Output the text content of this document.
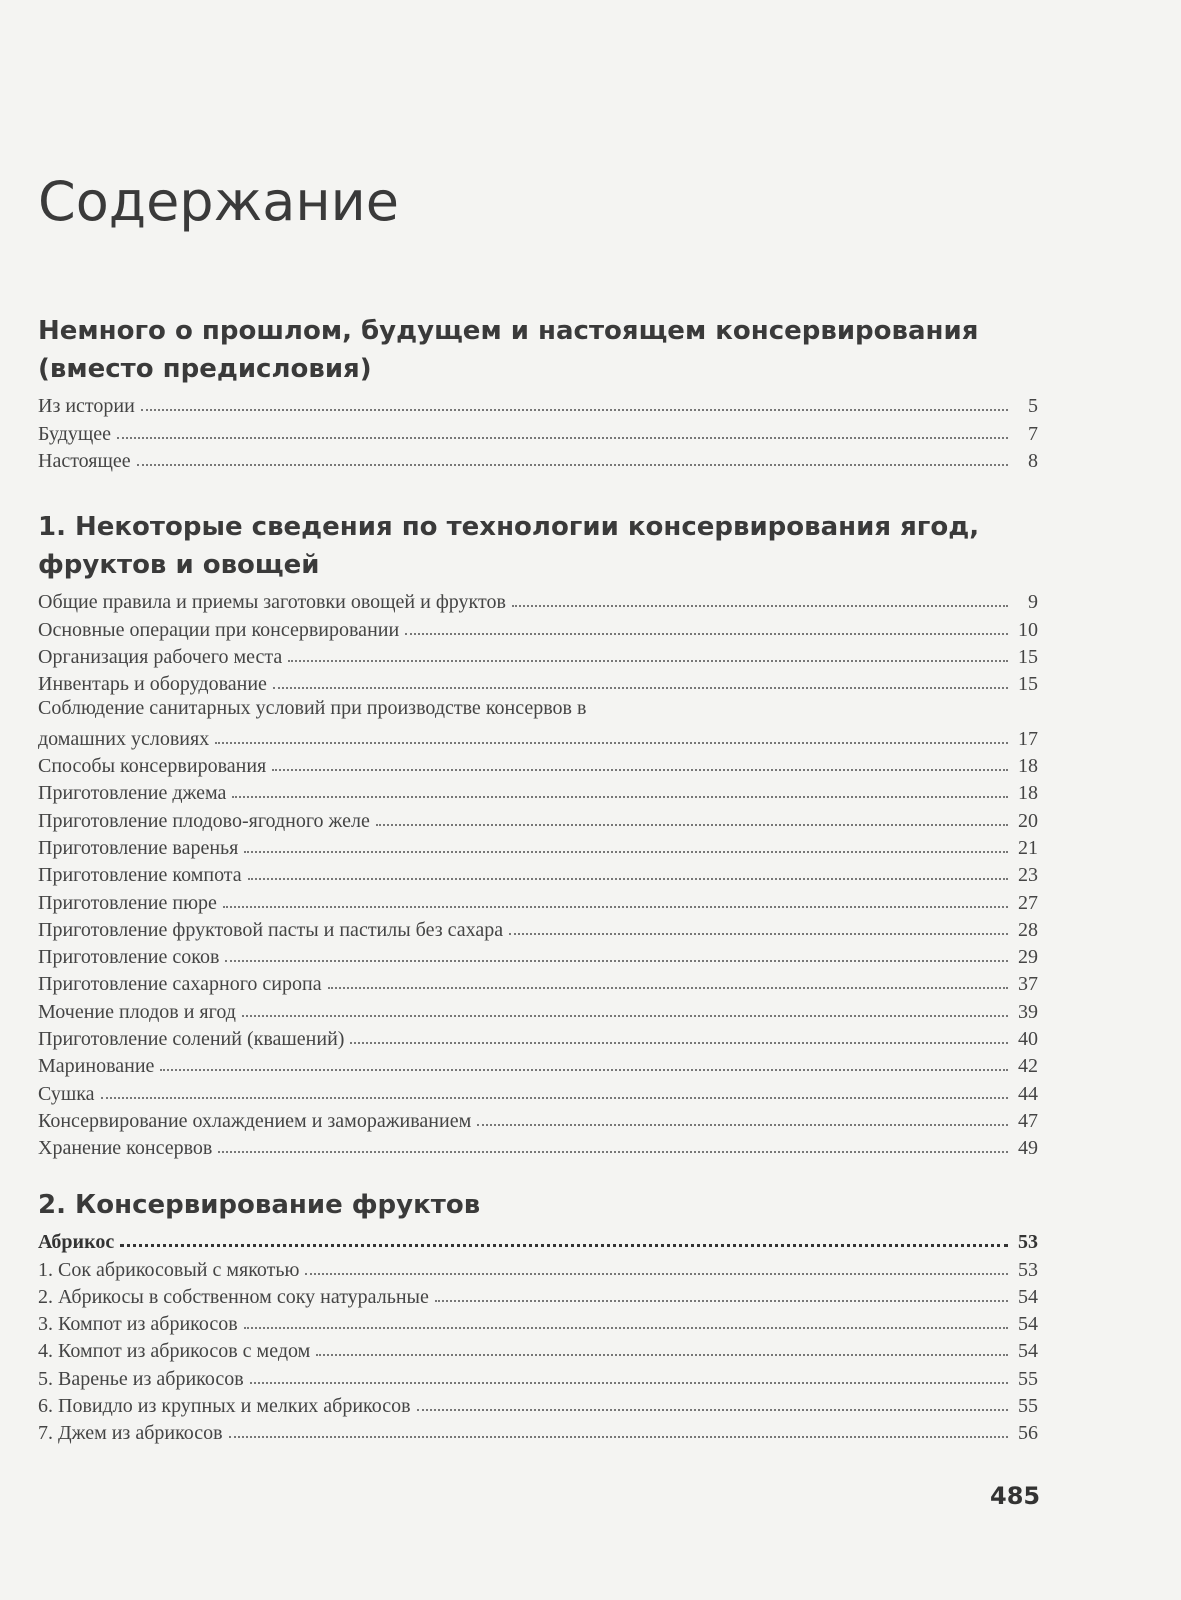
Содержание
Немного о прошлом, будущем и настоящем консервирования
(вместо предисловия)
Из истории	5
Будущее	7
Настоящее	8
1. Некоторые сведения по технологии консервирования ягод,
фруктов и овощей
Общие правила и приемы заготовки овощей и фруктов	9
Основные операции при консервировании	10
Организация рабочего места	15
Инвентарь и оборудование	15
Соблюдение санитарных условий при производстве консервов в
домашних условиях	17
Способы консервирования	18
Приготовление джема	18
Приготовление плодово-ягодного желе	20
Приготовление варенья	21
Приготовление компота	23
Приготовление пюре	27
Приготовление фруктовой пасты и пастилы без сахара	28
Приготовление соков	29
Приготовление сахарного сиропа	37
Мочение плодов и ягод	39
Приготовление солений (квашений)	40
Маринование	42
Сушка	44
Консервирование охлаждением и замораживанием	47
Хранение консервов	49
2. Консервирование фруктов
Абрикос	53
1. Сок абрикосовый с мякотью	53
2. Абрикосы в собственном соку натуральные	54
3. Компот из абрикосов	54
4. Компот из абрикосов с медом	54
5. Варенье из абрикосов	55
6. Повидло из крупных и мелких абрикосов	55
7. Джем из абрикосов	56
485
